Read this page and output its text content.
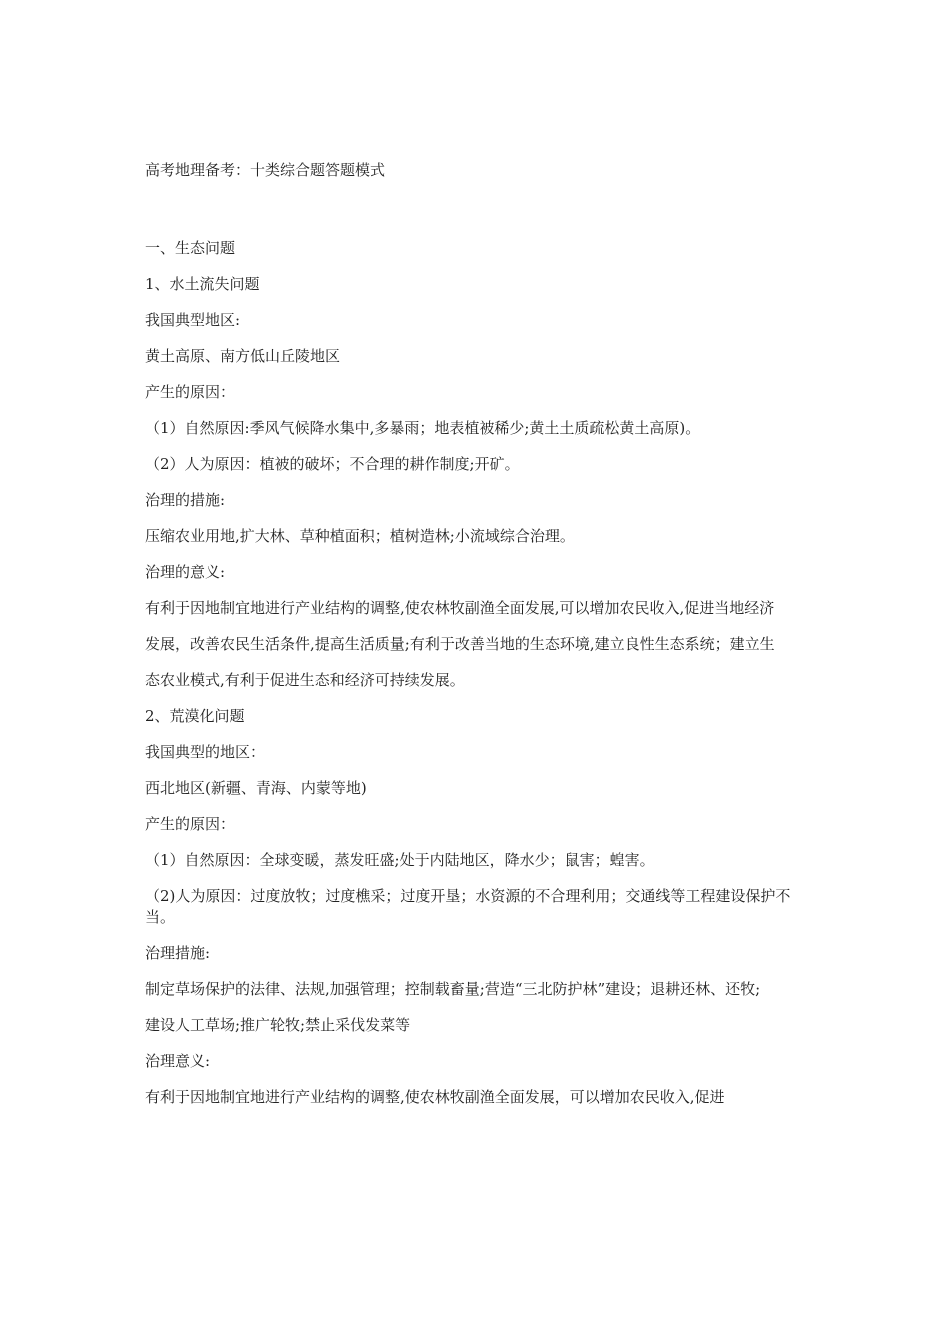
高考地理备考：十类综合题答题模式
一、生态问题
1、水土流失问题
我国典型地区:
黄土高原、南方低山丘陵地区
产生的原因：
（1）自然原因:季风气候降水集中,多暴雨；地表植被稀少;黄土土质疏松黄土高原)。
（2）人为原因：植被的破坏；不合理的耕作制度;开矿。
治理的措施:
压缩农业用地,扩大林、草种植面积；植树造林;小流域综合治理。
治理的意义:
有利于因地制宜地进行产业结构的调整,使农林牧副渔全面发展,可以增加农民收入,促进当地经济
发展，改善农民生活条件,提高生活质量;有利于改善当地的生态环境,建立良性生态系统；建立生
态农业模式,有利于促进生态和经济可持续发展。
2、荒漠化问题
我国典型的地区：
西北地区(新疆、青海、内蒙等地)
产生的原因：
（1）自然原因：全球变暖，蒸发旺盛;处于内陆地区，降水少；鼠害；蝗害。
（2)人为原因：过度放牧；过度樵采；过度开垦；水资源的不合理利用；交通线等工程建设保护不当。
治理措施:
制定草场保护的法律、法规,加强管理；控制载畜量;营造“三北防护林”建设；退耕还林、还牧;
建设人工草场;推广轮牧;禁止采伐发菜等
治理意义:
有利于因地制宜地进行产业结构的调整,使农林牧副渔全面发展，可以增加农民收入,促进
